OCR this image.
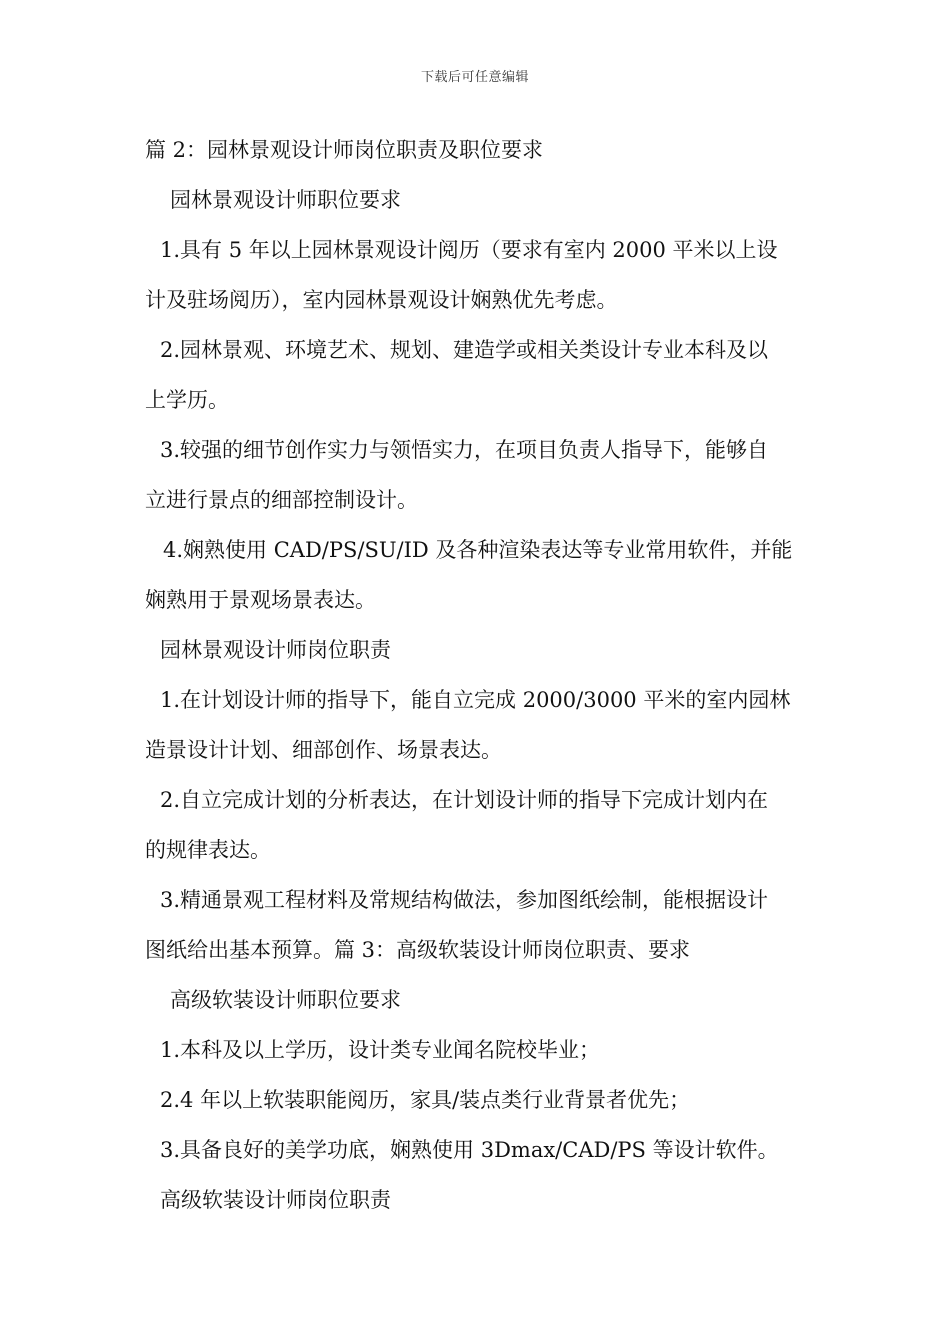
下载后可任意编辑
篇 2：园林景观设计师岗位职责及职位要求
园林景观设计师职位要求
1.具有 5 年以上园林景观设计阅历（要求有室内 2000 平米以上设
计及驻场阅历），室内园林景观设计娴熟优先考虑。
2.园林景观、环境艺术、规划、建造学或相关类设计专业本科及以
上学历。
3.较强的细节创作实力与领悟实力，在项目负责人指导下，能够自
立进行景点的细部控制设计。
4.娴熟使用 CAD/PS/SU/ID 及各种渲染表达等专业常用软件，并能
娴熟用于景观场景表达。
园林景观设计师岗位职责
1.在计划设计师的指导下，能自立完成 2000/3000 平米的室内园林
造景设计计划、细部创作、场景表达。
2.自立完成计划的分析表达，在计划设计师的指导下完成计划内在
的规律表达。
3.精通景观工程材料及常规结构做法，参加图纸绘制，能根据设计
图纸给出基本预算。篇 3：高级软装设计师岗位职责、要求
高级软装设计师职位要求
1.本科及以上学历，设计类专业闻名院校毕业；
2.4 年以上软装职能阅历，家具/装点类行业背景者优先；
3.具备良好的美学功底，娴熟使用 3Dmax/CAD/PS 等设计软件。
高级软装设计师岗位职责
